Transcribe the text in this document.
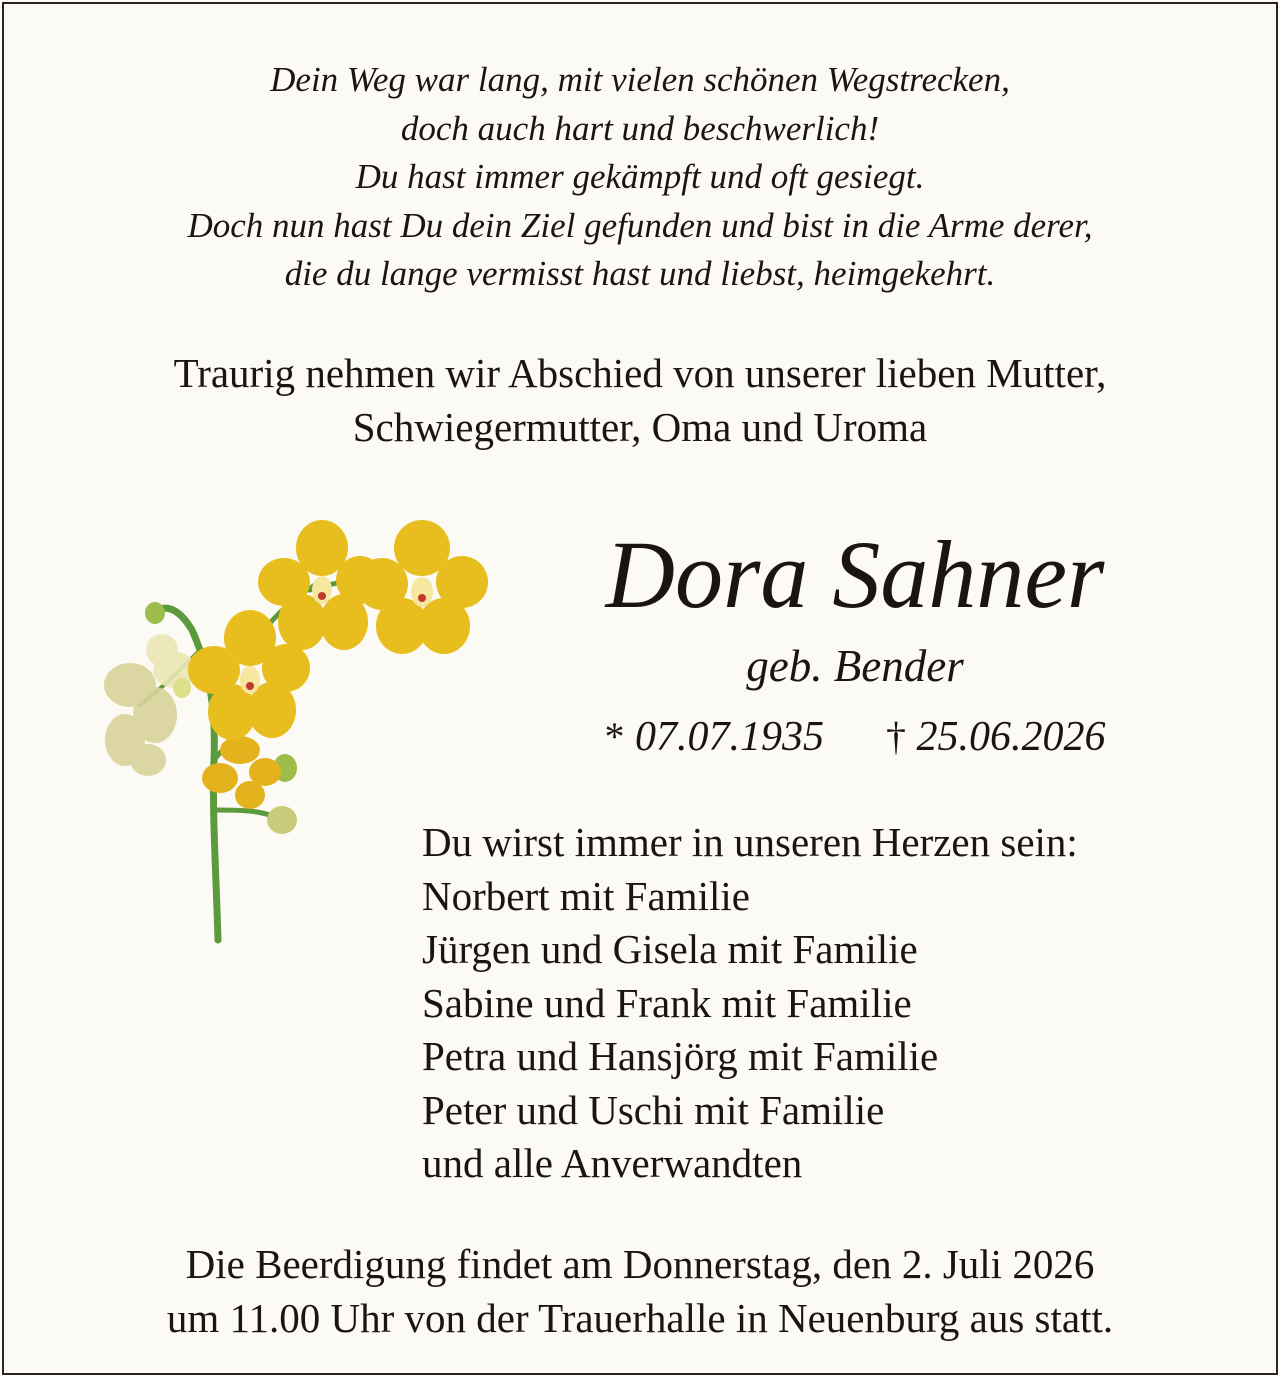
Dein Weg war lang, mit vielen schönen Wegstrecken,
doch auch hart und beschwerlich!
Du hast immer gekämpft und oft gesiegt.
Doch nun hast Du dein Ziel gefunden und bist in die Arme derer,
die du lange vermisst hast und liebst, heimgekehrt.
Traurig nehmen wir Abschied von unserer lieben Mutter,
Schwiegermutter, Oma und Uroma
Dora Sahner
geb. Bender
* 07.07.1935 † 25.06.2026
Du wirst immer in unseren Herzen sein:
Norbert mit Familie
Jürgen und Gisela mit Familie
Sabine und Frank mit Familie
Petra und Hansjörg mit Familie
Peter und Uschi mit Familie
und alle Anverwandten
Die Beerdigung findet am Donnerstag, den 2. Juli 2026
um 11.00 Uhr von der Trauerhalle in Neuenburg aus statt.
